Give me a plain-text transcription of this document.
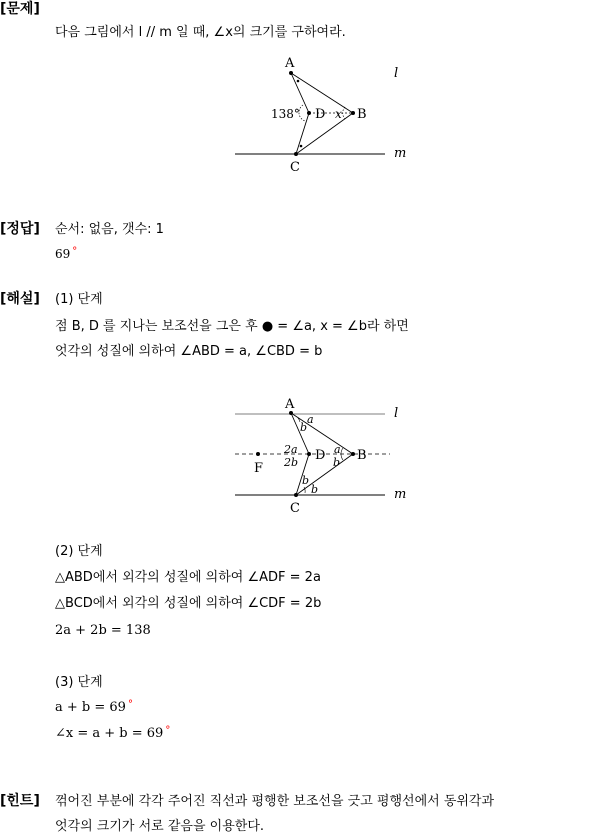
[문제]
다음 그림에서 l // m 일 때, ∠x의 크기를 구하여라.
A
l
138° D x B
m
C
[정답] 순서: 없음, 갯수: 1
69 °
[해설] (1) 단계
점 B, D 를 지나는 보조선을 그은 후 ● = ∠a, x = ∠b라 하면
엇각의 성질에 의하여 ∠ABD = a, ∠CBD = b
A
a
b
l
2a
2b D a
b B
F
b
b	m
C
(2) 단계
△ABD에서 외각의 성질에 의하여 ∠ADF = 2a
△BCD에서 외각의 성질에 의하여 ∠CDF = 2b
2a + 2b = 138
(3) 단계
a + b = 69 °
∠x = a + b = 69 °
[힌트] 꺾어진 부분에 각각 주어진 직선과 평행한 보조선을 긋고 평행선에서 동위각과
엇각의 크기가 서로 같음을 이용한다.
